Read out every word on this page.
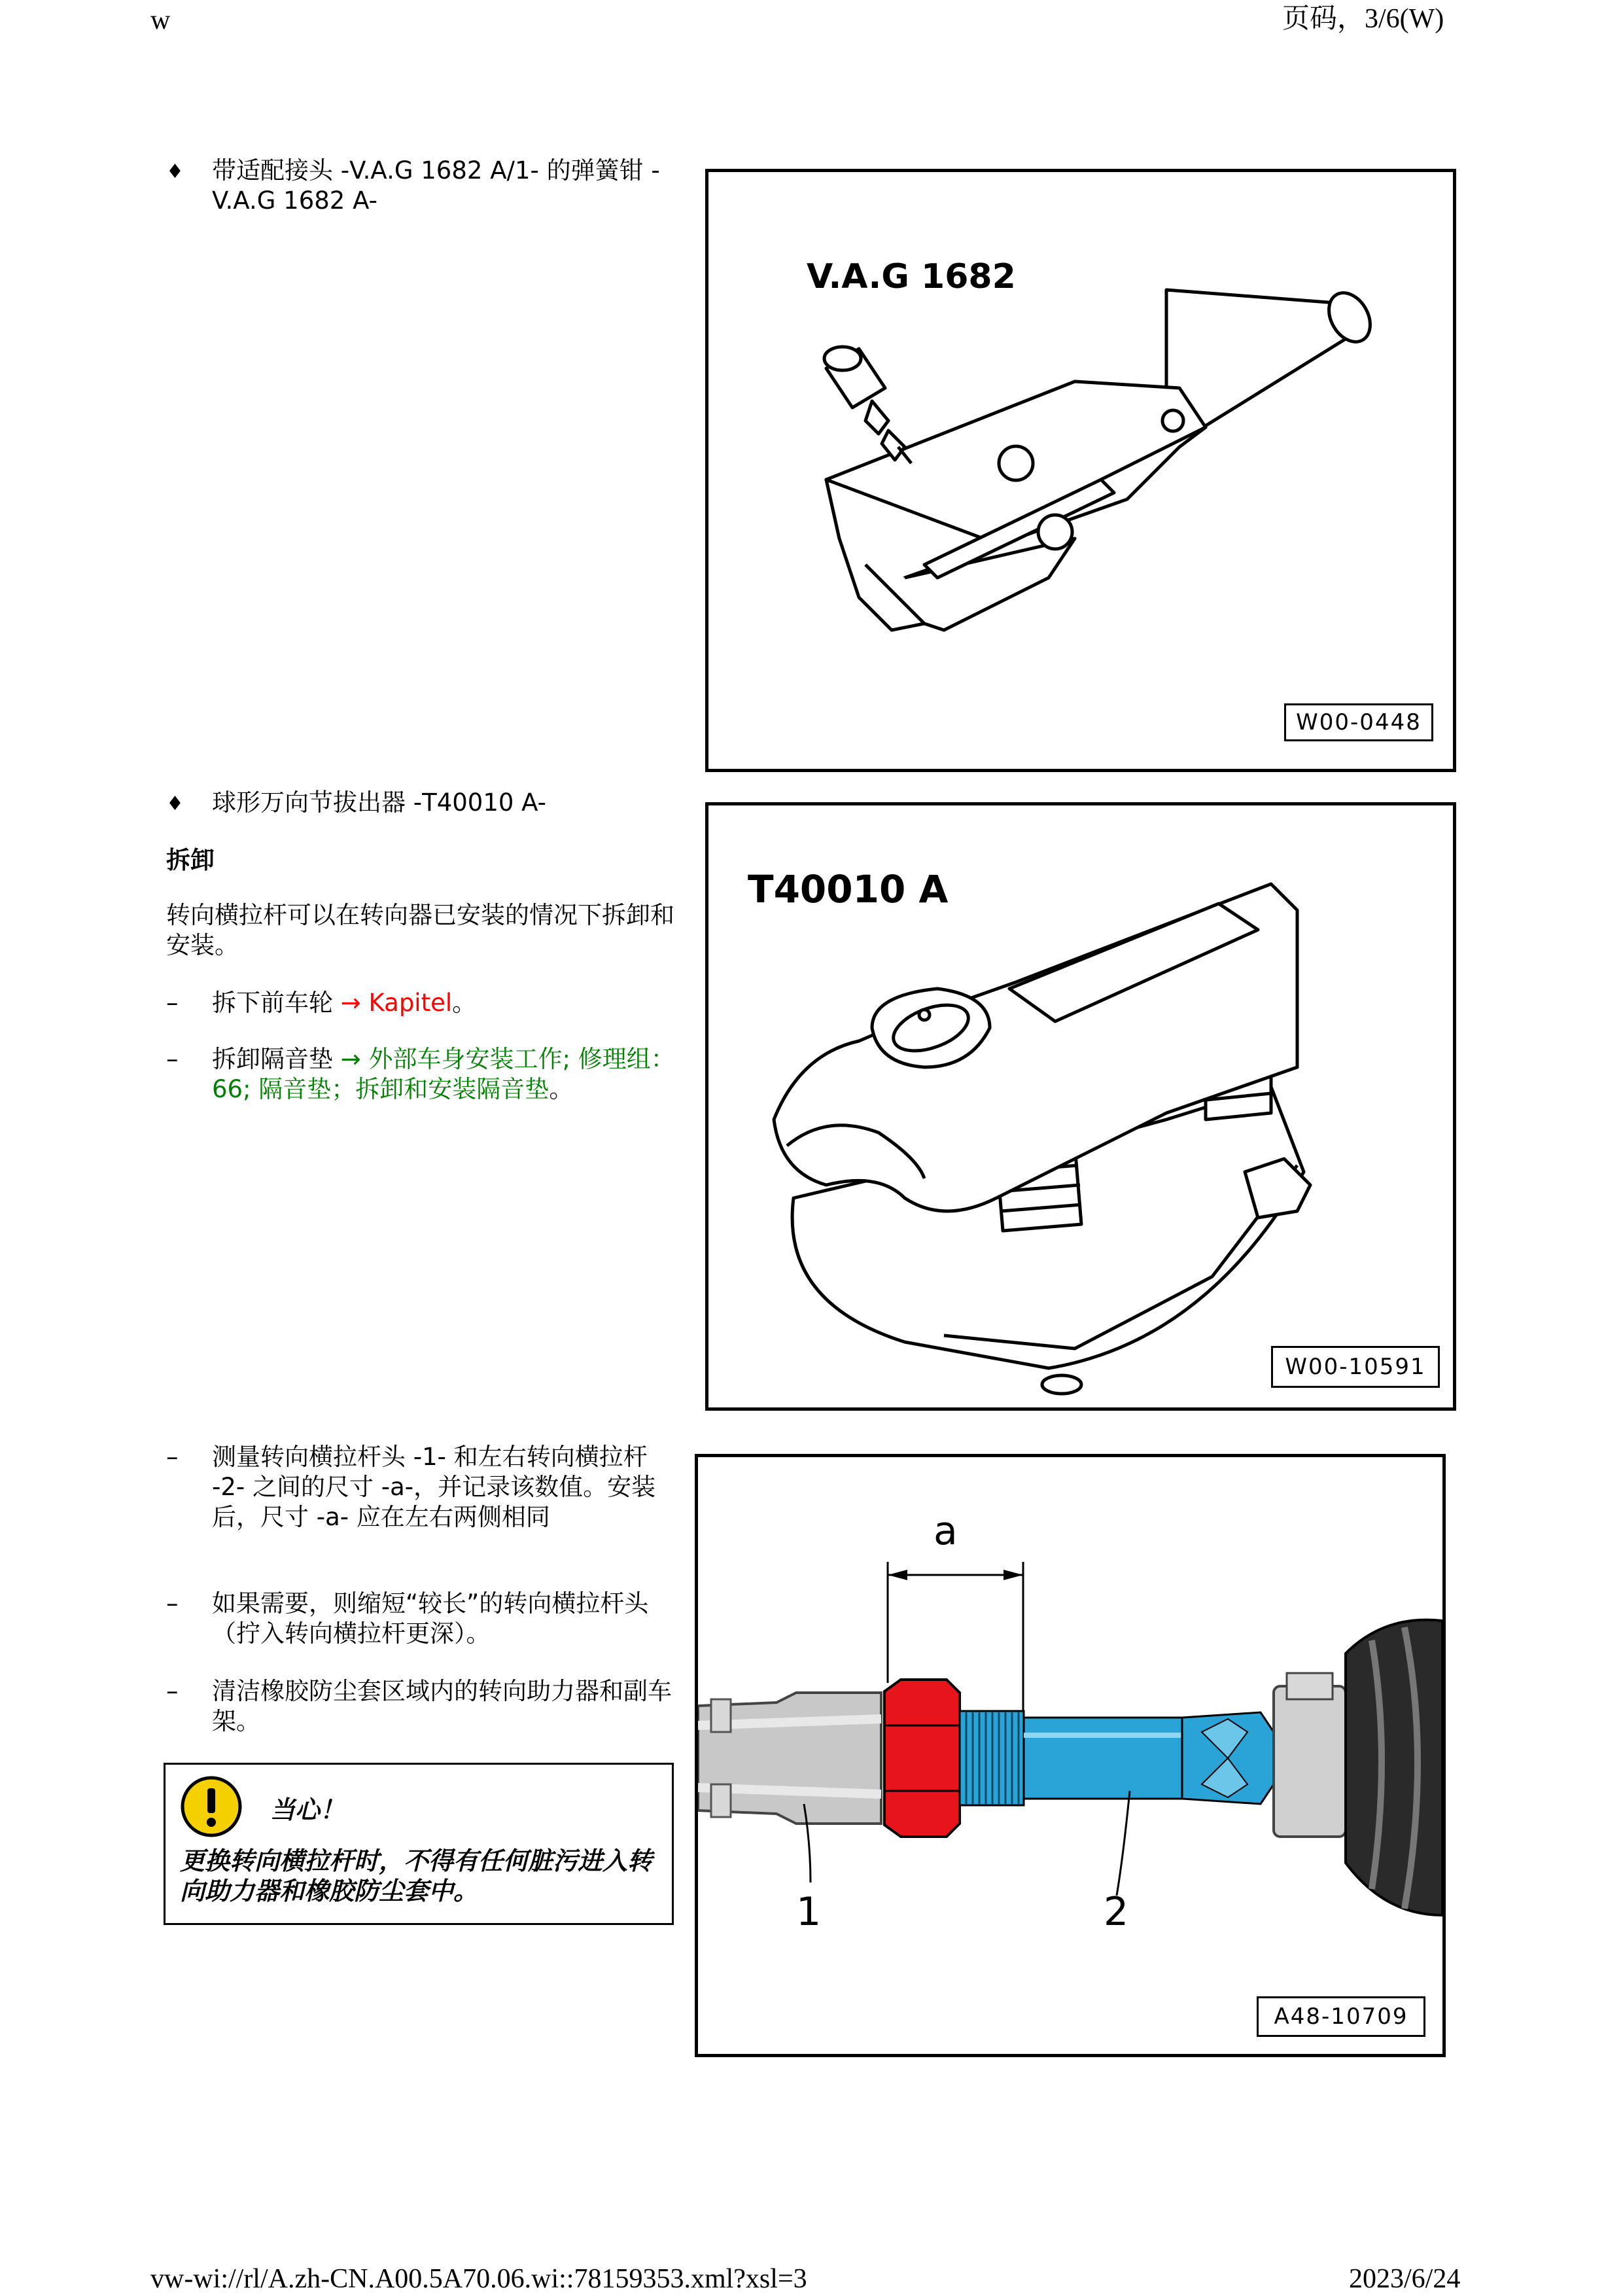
w	页码，3/6(W)
♦ 带适配接头 -V.A.G 1682 A/1- 的弹簧钳 -V.A.G 1682 A-
♦ 球形万向节拔出器 -T40010 A-
拆卸
转向横拉杆可以在转向器已安装的情况下拆卸和安装。
– 拆下前车轮 → Kapitel。
– 拆卸隔音垫 → 外部车身安装工作; 修理组：66; 隔音垫；拆卸和安装隔音垫。
– 测量转向横拉杆头 -1- 和左右转向横拉杆 -2- 之间的尺寸 -a-，并记录该数值。安装后，尺寸 -a- 应在左右两侧相同
– 如果需要，则缩短“较长”的转向横拉杆头（拧入转向横拉杆更深）。
– 清洁橡胶防尘套区域内的转向助力器和副车架。
当心！
更换转向横拉杆时，不得有任何脏污进入转向助力器和橡胶防尘套中。
V.A.G 1682
W00-0448
T40010 A
W00-10591
a
1	2
A48-10709
vw-wi://rl/A.zh-CN.A00.5A70.06.wi::78159353.xml?xsl=3	2023/6/24
